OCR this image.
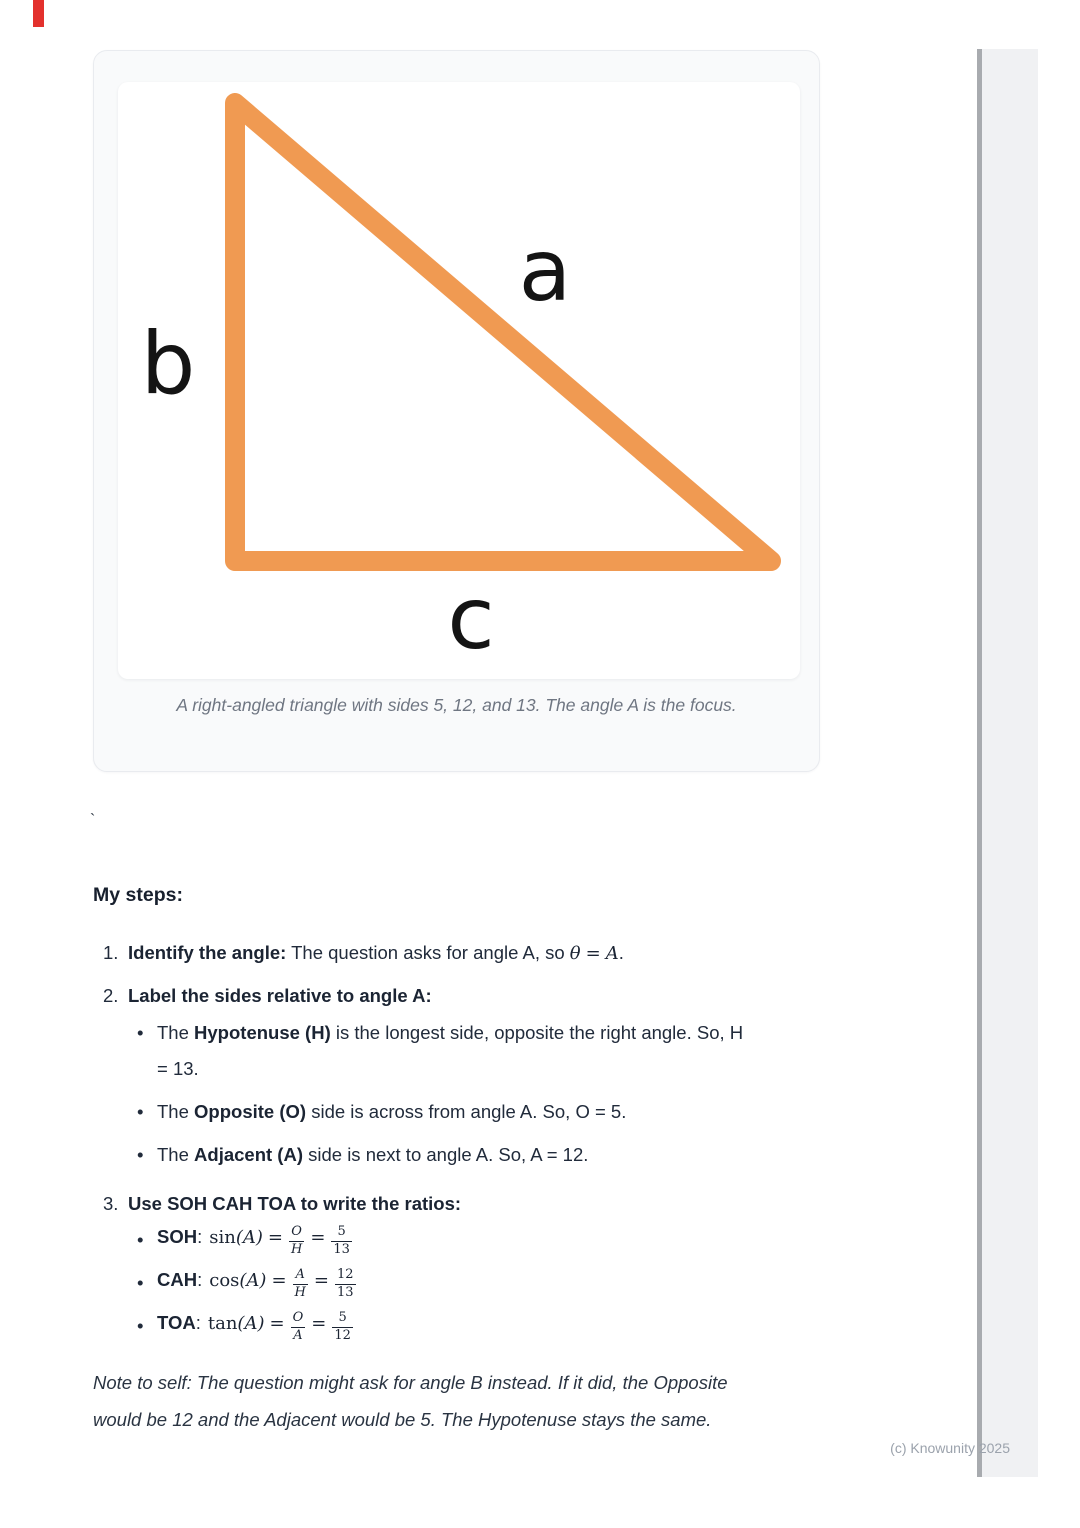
a
b
c

A right-angled triangle with sides 5, 12, and 13. The angle A is the focus.

`
My steps:
1. Identify the angle: The question asks for angle A, so θ = A.
2. Label the sides relative to angle A:
• The Hypotenuse (H) is the longest side, opposite the right angle. So, H
= 13.
• The Opposite (O) side is across from angle A. So, O = 5.
• The Adjacent (A) side is next to angle A. So, A = 12.
3. Use SOH CAH TOA to write the ratios:
• SOH: $\sin(A) = \frac{O}{H} = \frac{5}{13}$
• CAH: $\cos(A) = \frac{A}{H} = \frac{12}{13}$
• TOA: $\tan(A) = \frac{O}{A} = \frac{5}{12}$

Note to self: The question might ask for angle B instead. If it did, the Opposite
would be 12 and the Adjacent would be 5. The Hypotenuse stays the same.

(c) Knowunity 2025
